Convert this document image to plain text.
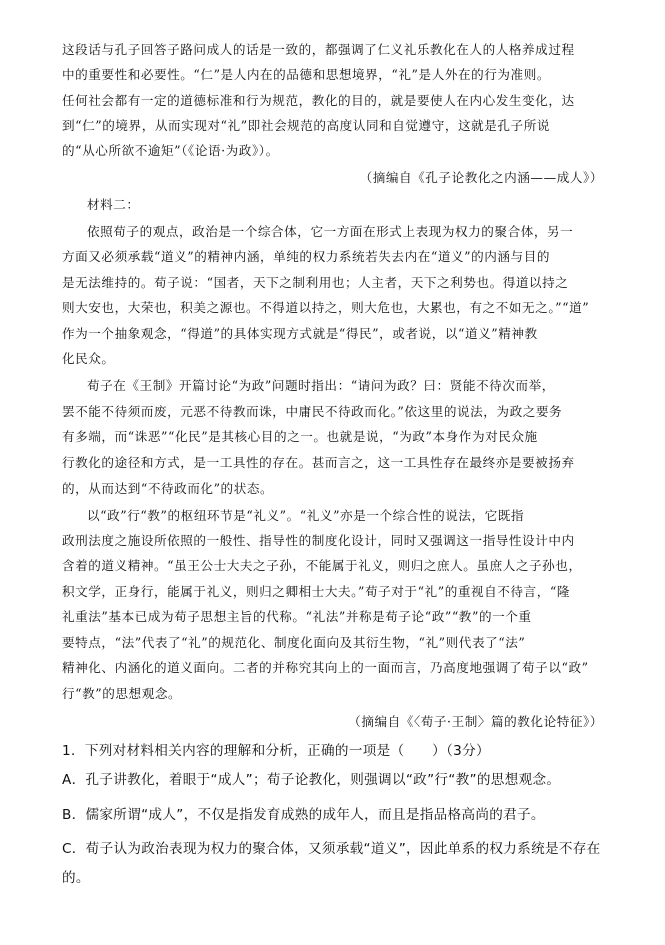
这段话与孔子回答子路问成人的话是一致的，都强调了仁义礼乐教化在人的人格养成过程
中的重要性和必要性。“仁”是人内在的品德和思想境界，“礼”是人外在的行为准则。
任何社会都有一定的道德标准和行为规范，教化的目的，就是要使人在内心发生变化，达
到“仁”的境界，从而实现对“礼”即社会规范的高度认同和自觉遵守，这就是孔子所说
的“从心所欲不逾矩”（《论语·为政》）。
（摘编自《孔子论教化之内涵——成人》）
材料二：
依照荀子的观点，政治是一个综合体，它一方面在形式上表现为权力的聚合体，另一
方面又必须承载“道义”的精神内涵，单纯的权力系统若失去内在“道义”的内涵与目的
是无法维持的。荀子说：“国者，天下之制利用也；人主者，天下之利势也。得道以持之
则大安也，大荣也，积美之源也。不得道以持之，则大危也，大累也，有之不如无之。”“道”
作为一个抽象观念，“得道”的具体实现方式就是“得民”，或者说，以“道义”精神教
化民众。
荀子在《王制》开篇讨论“为政”问题时指出：“请问为政？曰：贤能不待次而举，
罢不能不待须而废，元恶不待教而诛，中庸民不待政而化。”依这里的说法，为政之要务
有多端，而“诛恶”“化民”是其核心目的之一。也就是说，“为政”本身作为对民众施
行教化的途径和方式，是一工具性的存在。甚而言之，这一工具性存在最终亦是要被扬弃
的，从而达到“不待政而化”的状态。
以“政”行“教”的枢纽环节是“礼义”。“礼义”亦是一个综合性的说法，它既指
政刑法度之施设所依照的一般性、指导性的制度化设计，同时又强调这一指导性设计中内
含着的道义精神。“虽王公士大夫之子孙，不能属于礼义，则归之庶人。虽庶人之子孙也，
积文学，正身行，能属于礼义，则归之卿相士大夫。”荀子对于“礼”的重视自不待言，“隆
礼重法”基本已成为荀子思想主旨的代称。“礼法”并称是荀子论“政”“教”的一个重
要特点，“法”代表了“礼”的规范化、制度化面向及其衍生物，“礼”则代表了“法”
精神化、内涵化的道义面向。二者的并称究其向上的一面而言，乃高度地强调了荀子以“政”
行“教”的思想观念。
（摘编自《〈荀子·王制〉篇的教化论特征》）
1．下列对材料相关内容的理解和分析，正确的一项是（　　）（3分）
A．孔子讲教化，着眼于“成人”；荀子论教化，则强调以“政”行“教”的思想观念。
B．儒家所谓“成人”，不仅是指发育成熟的成年人，而且是指品格高尚的君子。
C．荀子认为政治表现为权力的聚合体，又须承载“道义”，因此单系的权力系统是不存在
的。
